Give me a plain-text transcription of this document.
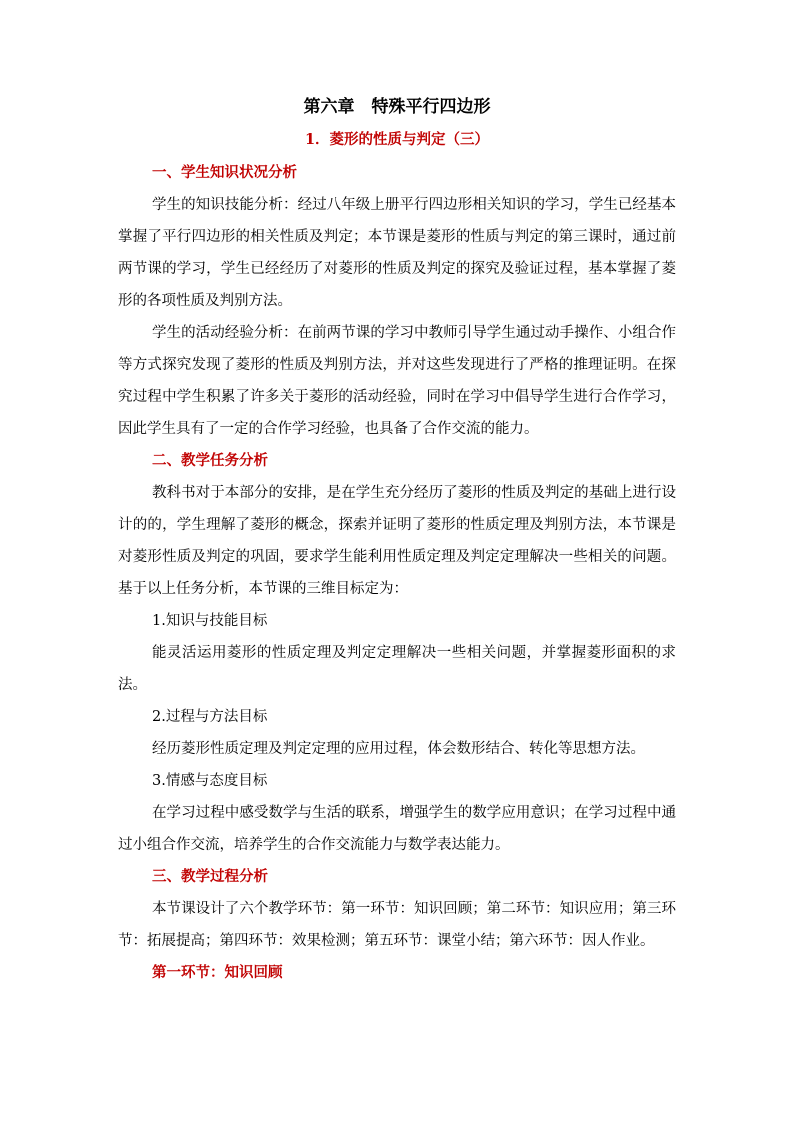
第六章　特殊平行四边形
1．菱形的性质与判定（三）

一、学生知识状况分析

学生的知识技能分析：经过八年级上册平行四边形相关知识的学习，学生已经基本掌握了平行四边形的相关性质及判定；本节课是菱形的性质与判定的第三课时，通过前两节课的学习，学生已经经历了对菱形的性质及判定的探究及验证过程，基本掌握了菱形的各项性质及判别方法。

学生的活动经验分析：在前两节课的学习中教师引导学生通过动手操作、小组合作等方式探究发现了菱形的性质及判别方法，并对这些发现进行了严格的推理证明。在探究过程中学生积累了许多关于菱形的活动经验，同时在学习中倡导学生进行合作学习，因此学生具有了一定的合作学习经验，也具备了合作交流的能力。

二、教学任务分析

教科书对于本部分的安排，是在学生充分经历了菱形的性质及判定的基础上进行设计的的，学生理解了菱形的概念，探索并证明了菱形的性质定理及判别方法，本节课是对菱形性质及判定的巩固，要求学生能利用性质定理及判定定理解决一些相关的问题。基于以上任务分析，本节课的三维目标定为：

1.知识与技能目标

能灵活运用菱形的性质定理及判定定理解决一些相关问题，并掌握菱形面积的求法。

2.过程与方法目标

经历菱形性质定理及判定定理的应用过程，体会数形结合、转化等思想方法。

3.情感与态度目标

在学习过程中感受数学与生活的联系，增强学生的数学应用意识；在学习过程中通过小组合作交流，培养学生的合作交流能力与数学表达能力。

三、教学过程分析

本节课设计了六个教学环节：第一环节：知识回顾；第二环节：知识应用；第三环节：拓展提高；第四环节：效果检测；第五环节：课堂小结；第六环节：因人作业。

第一环节：知识回顾
